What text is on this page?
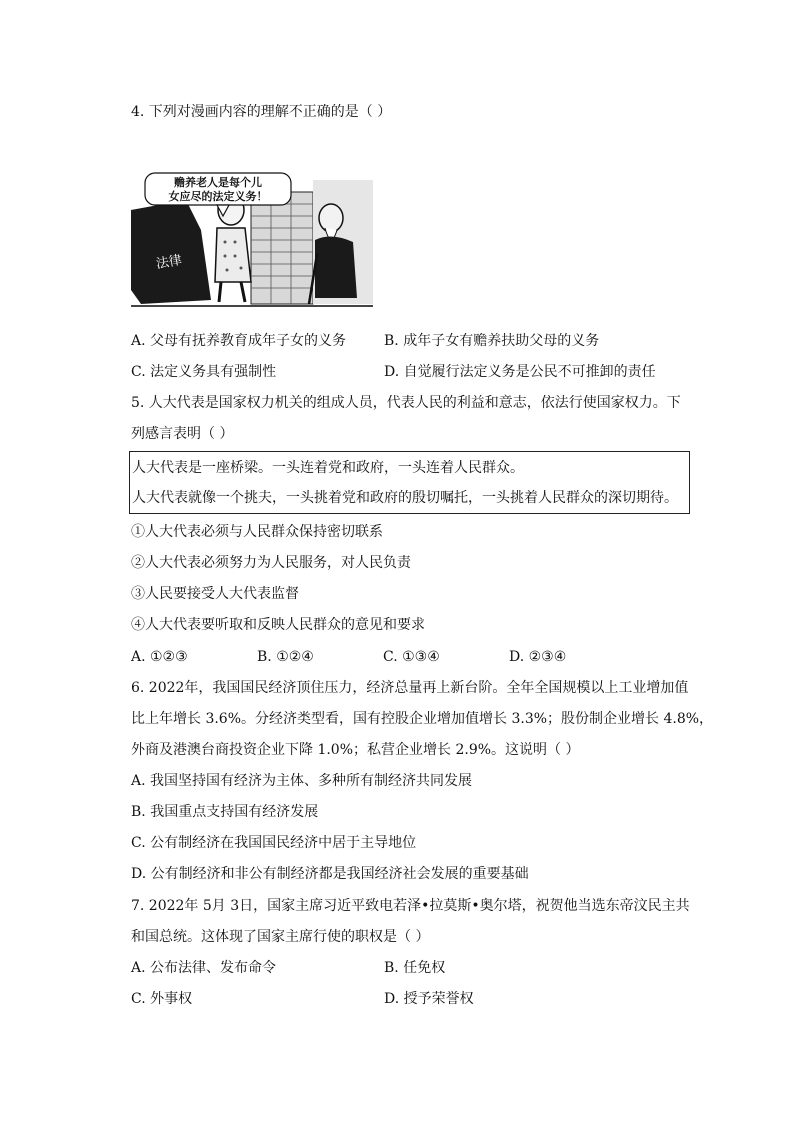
4. 下列对漫画内容的理解不正确的是（ ）
赡养老人是每个儿
女应尽的法定义务！
法律
A. 父母有抚养教育成年子女的义务	B. 成年子女有赡养扶助父母的义务
C. 法定义务具有强制性	D. 自觉履行法定义务是公民不可推卸的责任
5. 人大代表是国家权力机关的组成人员，代表人民的利益和意志，依法行使国家权力。下
列感言表明（ ）
人大代表是一座桥梁。一头连着党和政府，一头连着人民群众。
人大代表就像一个挑夫，一头挑着党和政府的殷切嘱托，一头挑着人民群众的深切期待。
①人大代表必须与人民群众保持密切联系
②人大代表必须努力为人民服务，对人民负责
③人民要接受人大代表监督
④人大代表要听取和反映人民群众的意见和要求
A. ①②③	B. ①②④	C. ①③④	D. ②③④
6. 2022年，我国国民经济顶住压力，经济总量再上新台阶。全年全国规模以上工业增加值
比上年增长 3.6%。分经济类型看，国有控股企业增加值增长 3.3%；股份制企业增长 4.8%，
外商及港澳台商投资企业下降 1.0%；私营企业增长 2.9%。这说明（ ）
A. 我国坚持国有经济为主体、多种所有制经济共同发展
B. 我国重点支持国有经济发展
C. 公有制经济在我国国民经济中居于主导地位
D. 公有制经济和非公有制经济都是我国经济社会发展的重要基础
7. 2022年 5月 3日，国家主席习近平致电若泽•拉莫斯•奥尔塔，祝贺他当选东帝汶民主共
和国总统。这体现了国家主席行使的职权是（ ）
A. 公布法律、发布命令	B. 任免权
C. 外事权	D. 授予荣誉权
